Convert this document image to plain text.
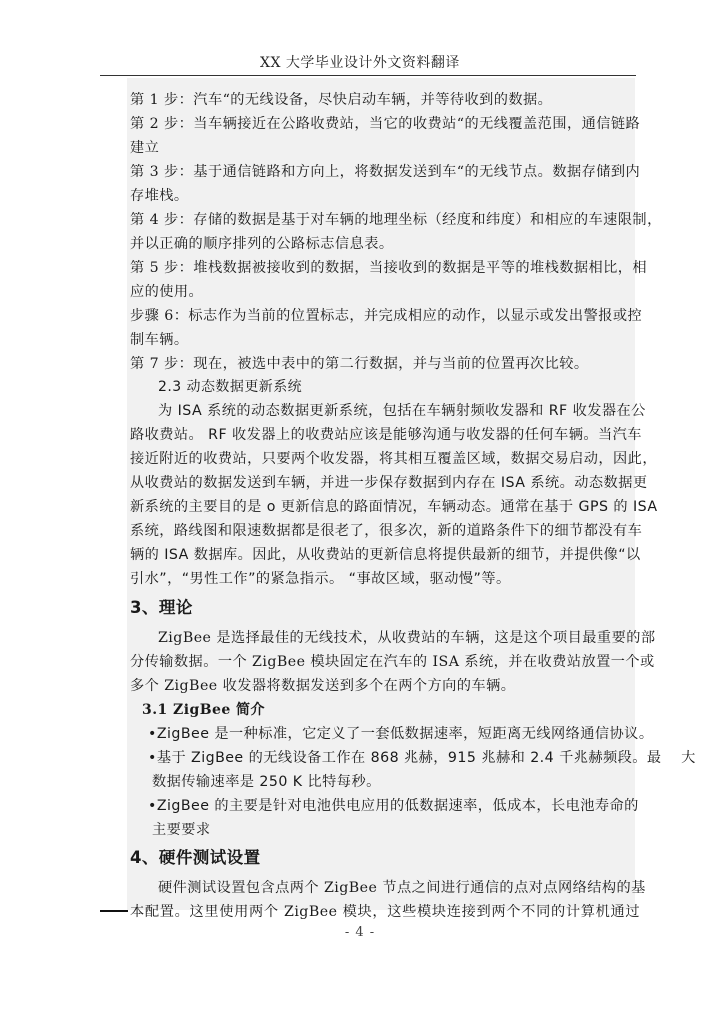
XX 大学毕业设计外文资料翻译
第 1 步：汽车“的无线设备，尽快启动车辆，并等待收到的数据。
第 2 步：当车辆接近在公路收费站，当它的收费站“的无线覆盖范围，通信链路
建立
第 3 步：基于通信链路和方向上，将数据发送到车“的无线节点。数据存储到内
存堆栈。
第 4 步：存储的数据是基于对车辆的地理坐标（经度和纬度）和相应的车速限制，
并以正确的顺序排列的公路标志信息表。
第 5 步：堆栈数据被接收到的数据，当接收到的数据是平等的堆栈数据相比，相
应的使用。
步骤 6：标志作为当前的位置标志，并完成相应的动作，以显示或发出警报或控
制车辆。
第 7 步：现在，被选中表中的第二行数据，并与当前的位置再次比较。
2.3 动态数据更新系统
为 ISA 系统的动态数据更新系统，包括在车辆射频收发器和 RF 收发器在公
路收费站。 RF 收发器上的收费站应该是能够沟通与收发器的任何车辆。当汽车
接近附近的收费站，只要两个收发器，将其相互覆盖区域，数据交易启动，因此，
从收费站的数据发送到车辆，并进一步保存数据到内存在 ISA 系统。动态数据更
新系统的主要目的是 o 更新信息的路面情况，车辆动态。通常在基于 GPS 的 ISA
系统，路线图和限速数据都是很老了，很多次，新的道路条件下的细节都没有车
辆的 ISA 数据库。因此，从收费站的更新信息将提供最新的细节，并提供像“以
引水”，“男性工作”的紧急指示。 “事故区域，驱动慢”等。
3、理论
ZigBee 是选择最佳的无线技术，从收费站的车辆，这是这个项目最重要的部
分传输数据。一个 ZigBee 模块固定在汽车的 ISA 系统，并在收费站放置一个或
多个 ZigBee 收发器将数据发送到多个在两个方向的车辆。
3.1 ZigBee 简介
•ZigBee 是一种标准，它定义了一套低数据速率，短距离无线网络通信协议。
•基于 ZigBee 的无线设备工作在 868 兆赫，915 兆赫和 2.4 千兆赫频段。最　 大
数据传输速率是 250 K 比特每秒。
•ZigBee 的主要是针对电池供电应用的低数据速率，低成本，长电池寿命的
主要要求
4、硬件测试设置
硬件测试设置包含点两个 ZigBee 节点之间进行通信的点对点网络结构的基
本配置。这里使用两个 ZigBee 模块，这些模块连接到两个不同的计算机通过
- 4 -
